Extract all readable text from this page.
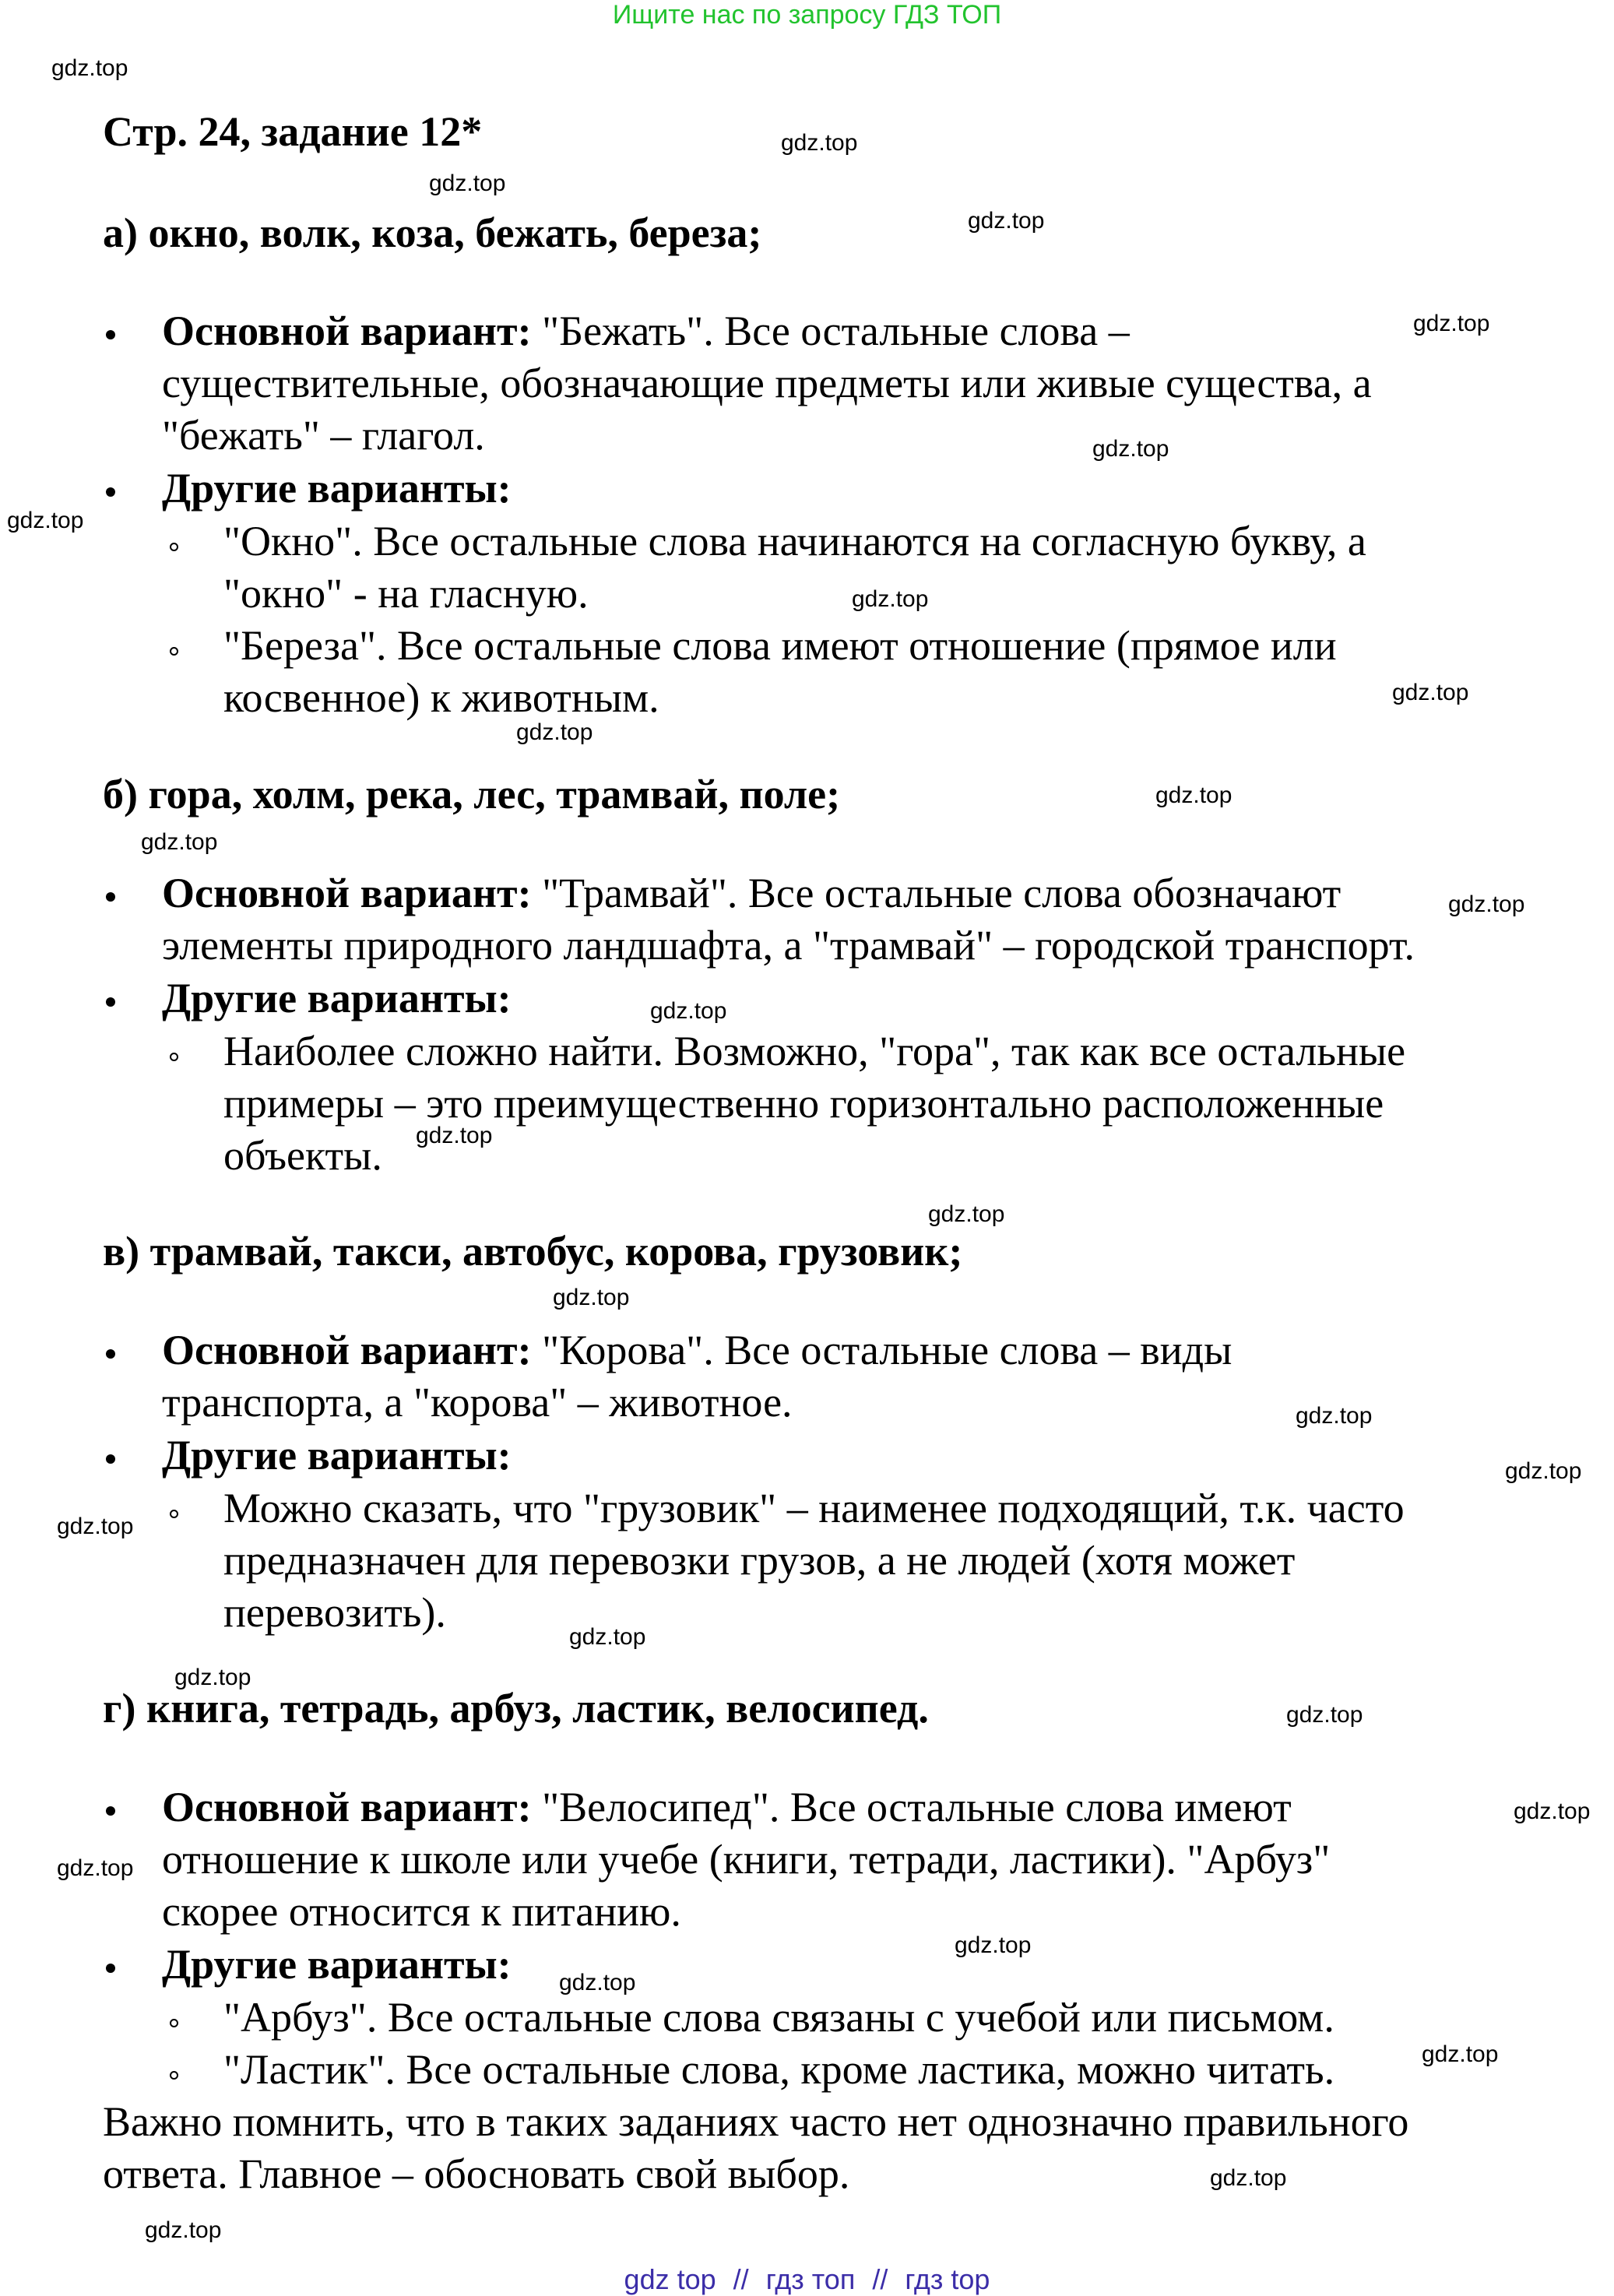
Ищите нас по запросу ГДЗ ТОП
Стр. 24, задание 12*
а) окно, волк, коза, бежать, береза;
Основной вариант: "Бежать". Все остальные слова –
существительные, обозначающие предметы или живые существа, а
"бежать" – глагол.
Другие варианты:
"Окно". Все остальные слова начинаются на согласную букву, а
"окно" - на гласную.
"Береза". Все остальные слова имеют отношение (прямое или
косвенное) к животным.
б) гора, холм, река, лес, трамвай, поле;
Основной вариант: "Трамвай". Все остальные слова обозначают
элементы природного ландшафта, а "трамвай" – городской транспорт.
Другие варианты:
Наиболее сложно найти. Возможно, "гора", так как все остальные
примеры – это преимущественно горизонтально расположенные
объекты.
в) трамвай, такси, автобус, корова, грузовик;
Основной вариант: "Корова". Все остальные слова – виды
транспорта, а "корова" – животное.
Другие варианты:
Можно сказать, что "грузовик" – наименее подходящий, т.к. часто
предназначен для перевозки грузов, а не людей (хотя может
перевозить).
г) книга, тетрадь, арбуз, ластик, велосипед.
Основной вариант: "Велосипед". Все остальные слова имеют
отношение к школе или учебе (книги, тетради, ластики). "Арбуз"
скорее относится к питанию.
Другие варианты:
"Арбуз". Все остальные слова связаны с учебой или письмом.
"Ластик". Все остальные слова, кроме ластика, можно читать.
Важно помнить, что в таких заданиях часто нет однозначно правильного
ответа. Главное – обосновать свой выбор.
gdz.top
gdz.top
gdz.top
gdz.top
gdz.top
gdz.top
gdz.top
gdz.top
gdz.top
gdz.top
gdz.top
gdz.top
gdz.top
gdz.top
gdz.top
gdz.top
gdz.top
gdz.top
gdz.top
gdz.top
gdz.top
gdz.top
gdz.top
gdz.top
gdz.top
gdz.top
gdz.top
gdz.top
gdz.top
gdz.top
gdz top // гдз топ // гдз top
